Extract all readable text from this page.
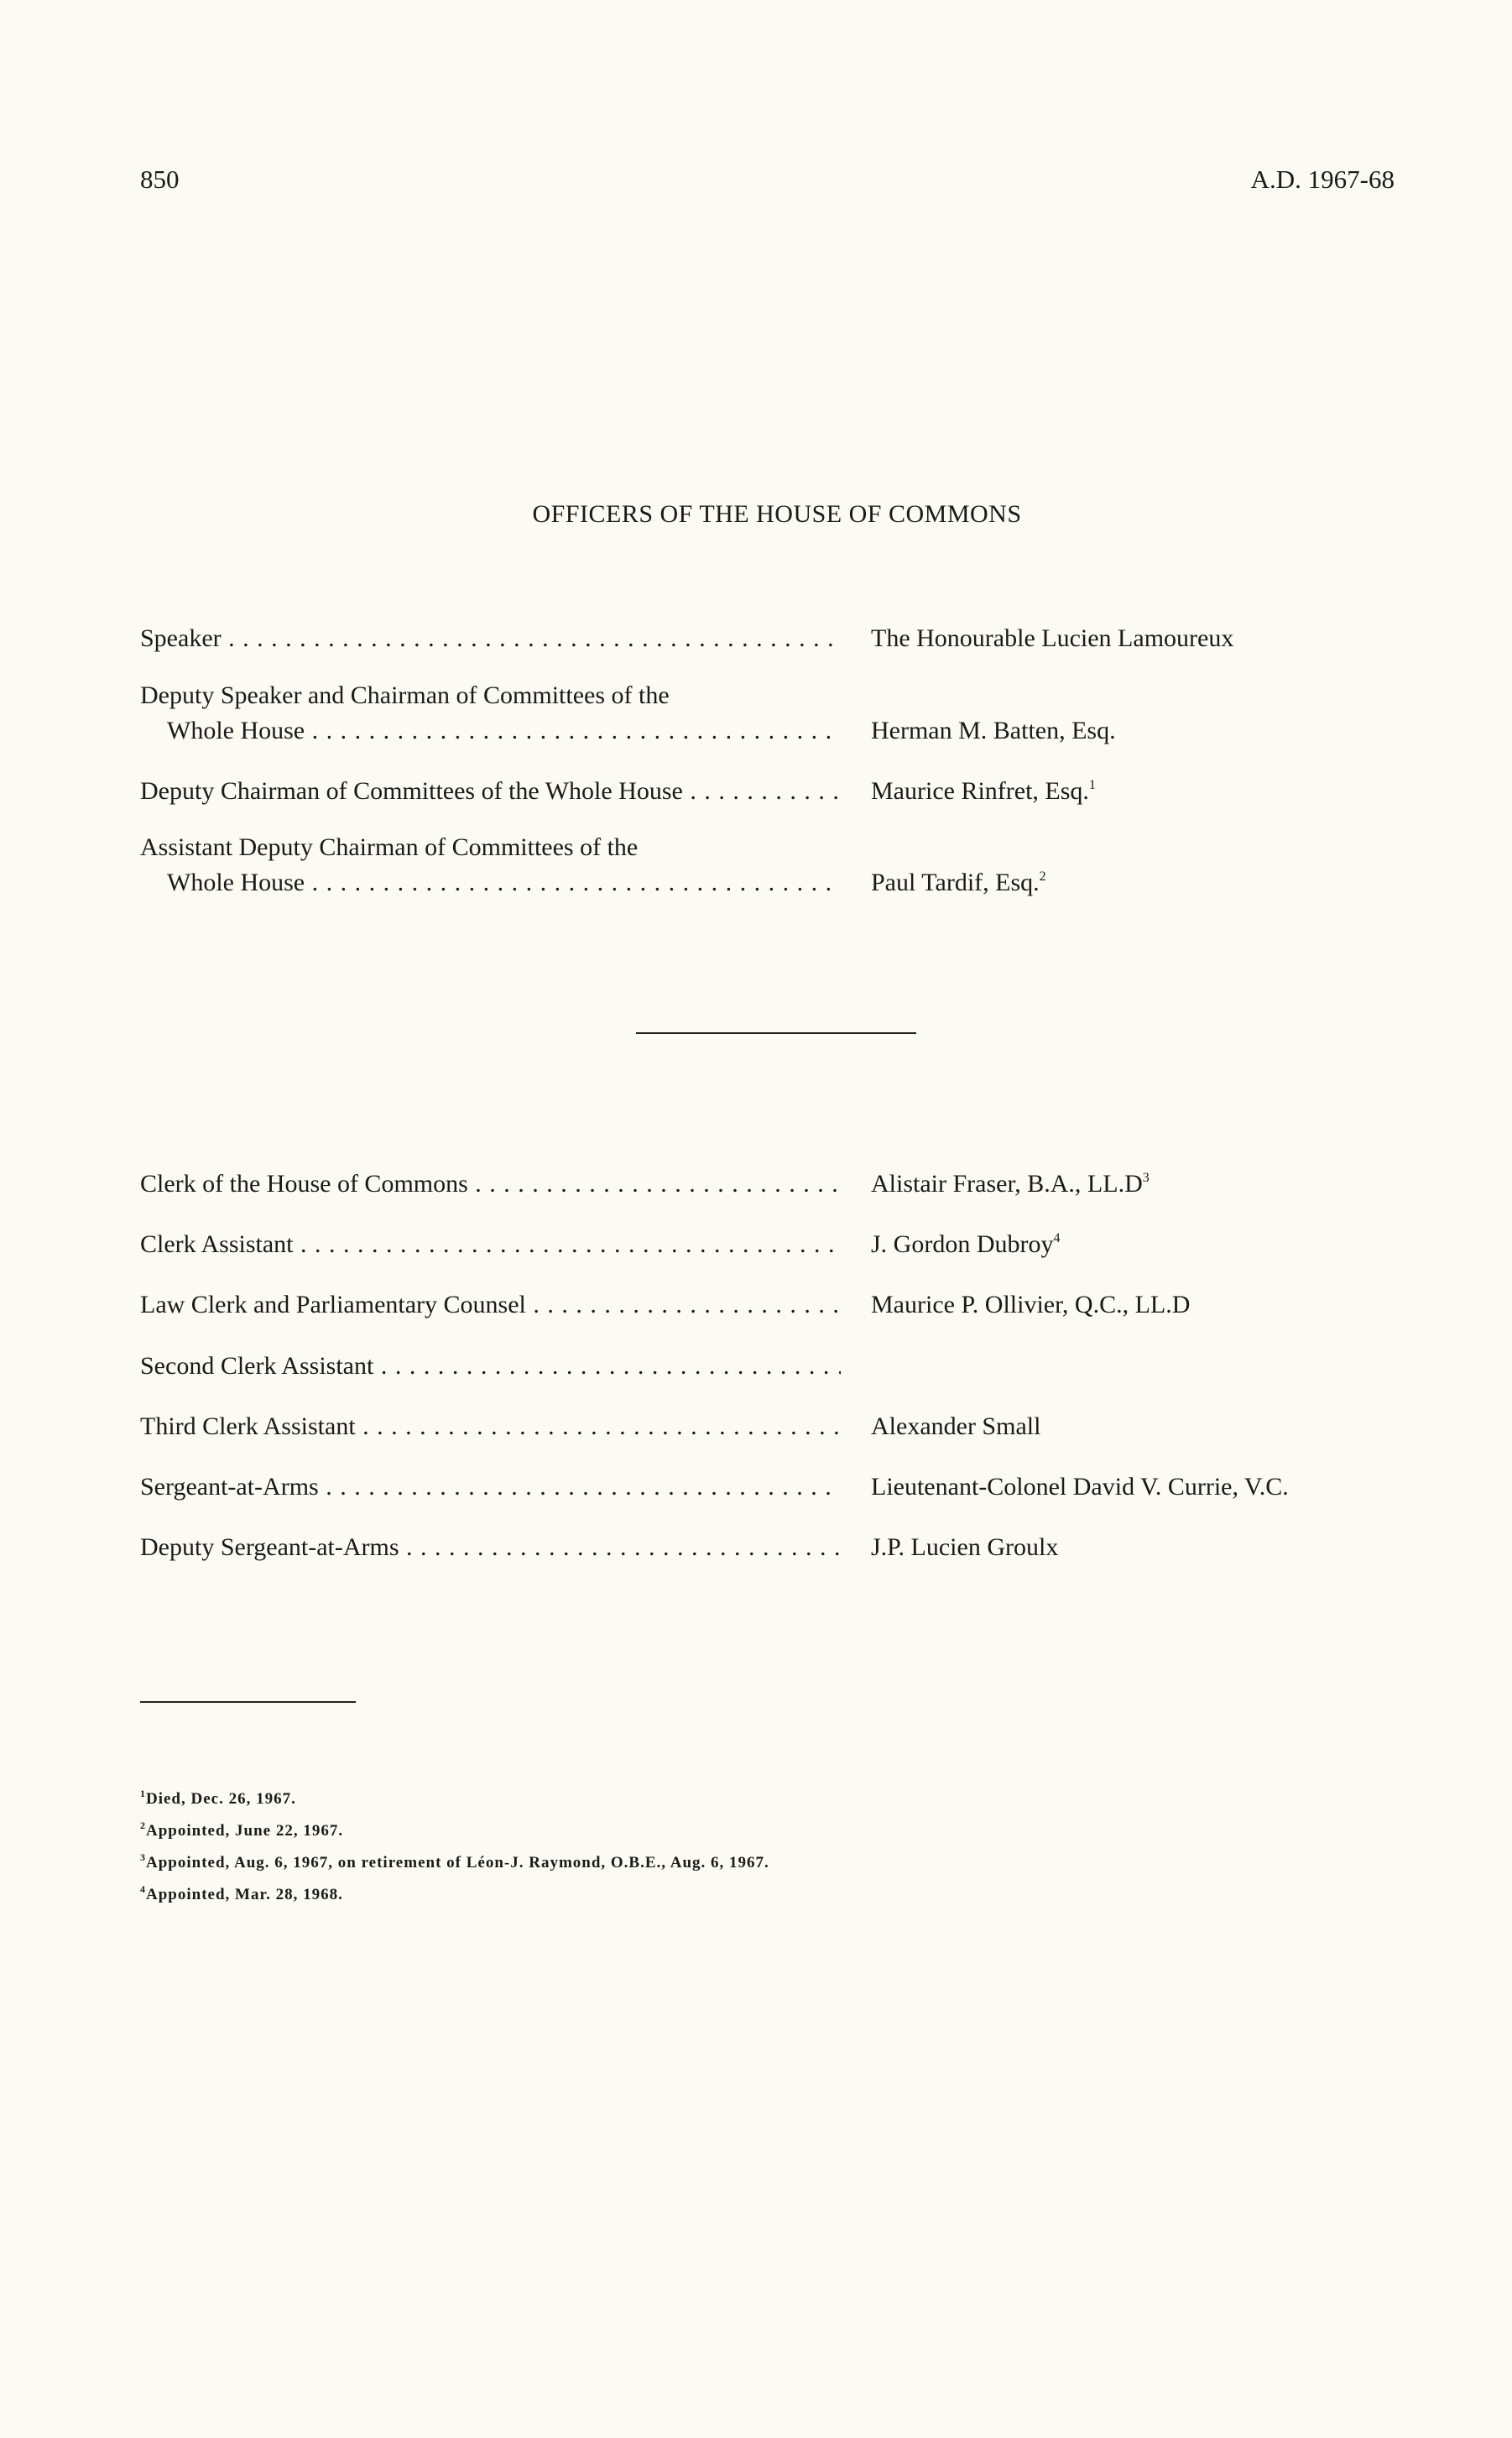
850	A.D. 1967-68
OFFICERS OF THE HOUSE OF COMMONS
Speaker . . .	The Honourable Lucien Lamoureux
Deputy Speaker and Chairman of Committees of the
Whole House . . .	Herman M. Batten, Esq.
Deputy Chairman of Committees of the Whole House . . .	Maurice Rinfret, Esq.$^1$
Assistant Deputy Chairman of Committees of the
Whole House . . .	Paul Tardif, Esq.$^2$
Clerk of the House of Commons . . .	Alistair Fraser, B.A., $LL.D^3$
Clerk Assistant . . .	J. Gordon Dubroy$^4$
Law Clerk and Parliamentary Counsel . . .	Maurice P. Ollivier, Q.C., LL.D
Second Clerk Assistant . . .
Third Clerk Assistant . . .	Alexander Small
Sergeant-at-Arms . . .	Lieutenant-Colonel David V. Currie, V.C.
Deputy Sergeant-at-Arms . . .	J.P. Lucien Groulx
$^1$Died, Dec. 26, 1967.
$^2$Appointed, June 22, 1967.
$^3$Appointed, Aug. 6, 1967, on retirement of Léon-J. Raymond, O.B.E., Aug. 6, 1967.
$^4$Appointed, Mar. 28, 1968.
